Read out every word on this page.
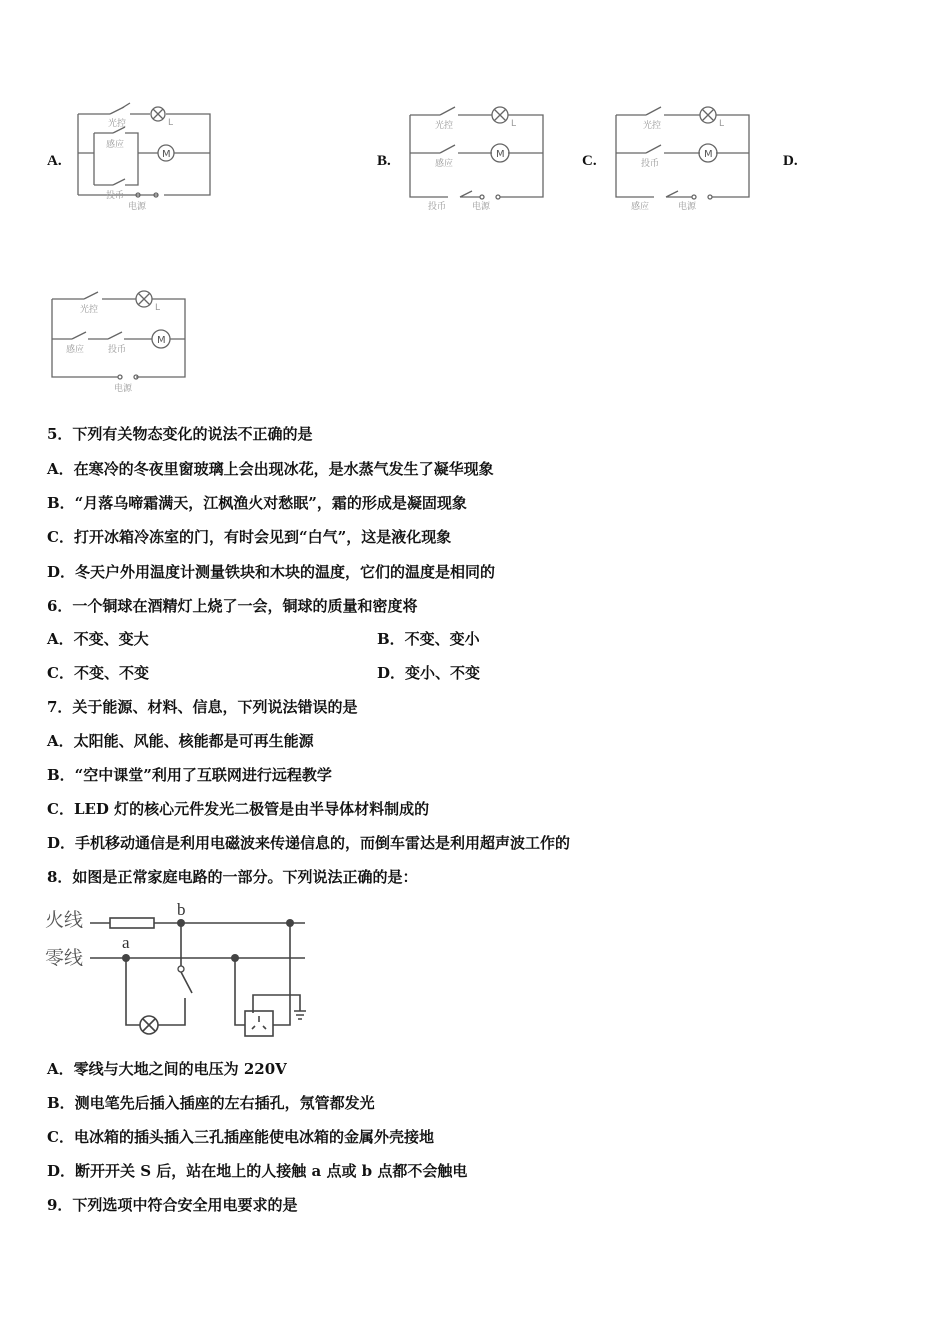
A.	B.	C.	D.
M
光控	L
感应
投币
电源
M
光控	L
感应
投币	电源
M
光控	L
投币
感应	电源
M
光控	L
感应	投币
电源
5．下列有关物态变化的说法不正确的是
A．在寒冷的冬夜里窗玻璃上会出现冰花，是水蒸气发生了凝华现象
B．“月落乌啼霜满天，江枫渔火对愁眠”，霜的形成是凝固现象
C．打开冰箱冷冻室的门，有时会见到“白气”，这是液化现象
D．冬天户外用温度计测量铁块和木块的温度，它们的温度是相同的
6．一个铜球在酒精灯上烧了一会，铜球的质量和密度将
A．不变、变大	B．不变、变小
C．不变、不变	D．变小、不变
7．关于能源、材料、信息，下列说法错误的是
A．太阳能、风能、核能都是可再生能源
B．“空中课堂”利用了互联网进行远程教学
C．LED 灯的核心元件发光二极管是由半导体材料制成的
D．手机移动通信是利用电磁波来传递信息的，而倒车雷达是利用超声波工作的
8．如图是正常家庭电路的一部分。下列说法正确的是：
火线
零线
b
a
A．零线与大地之间的电压为 220V
B．测电笔先后插入插座的左右插孔，氖管都发光
C．电冰箱的插头插入三孔插座能使电冰箱的金属外壳接地
D．断开开关 S 后，站在地上的人接触 a 点或 b 点都不会触电
9．下列选项中符合安全用电要求的是
